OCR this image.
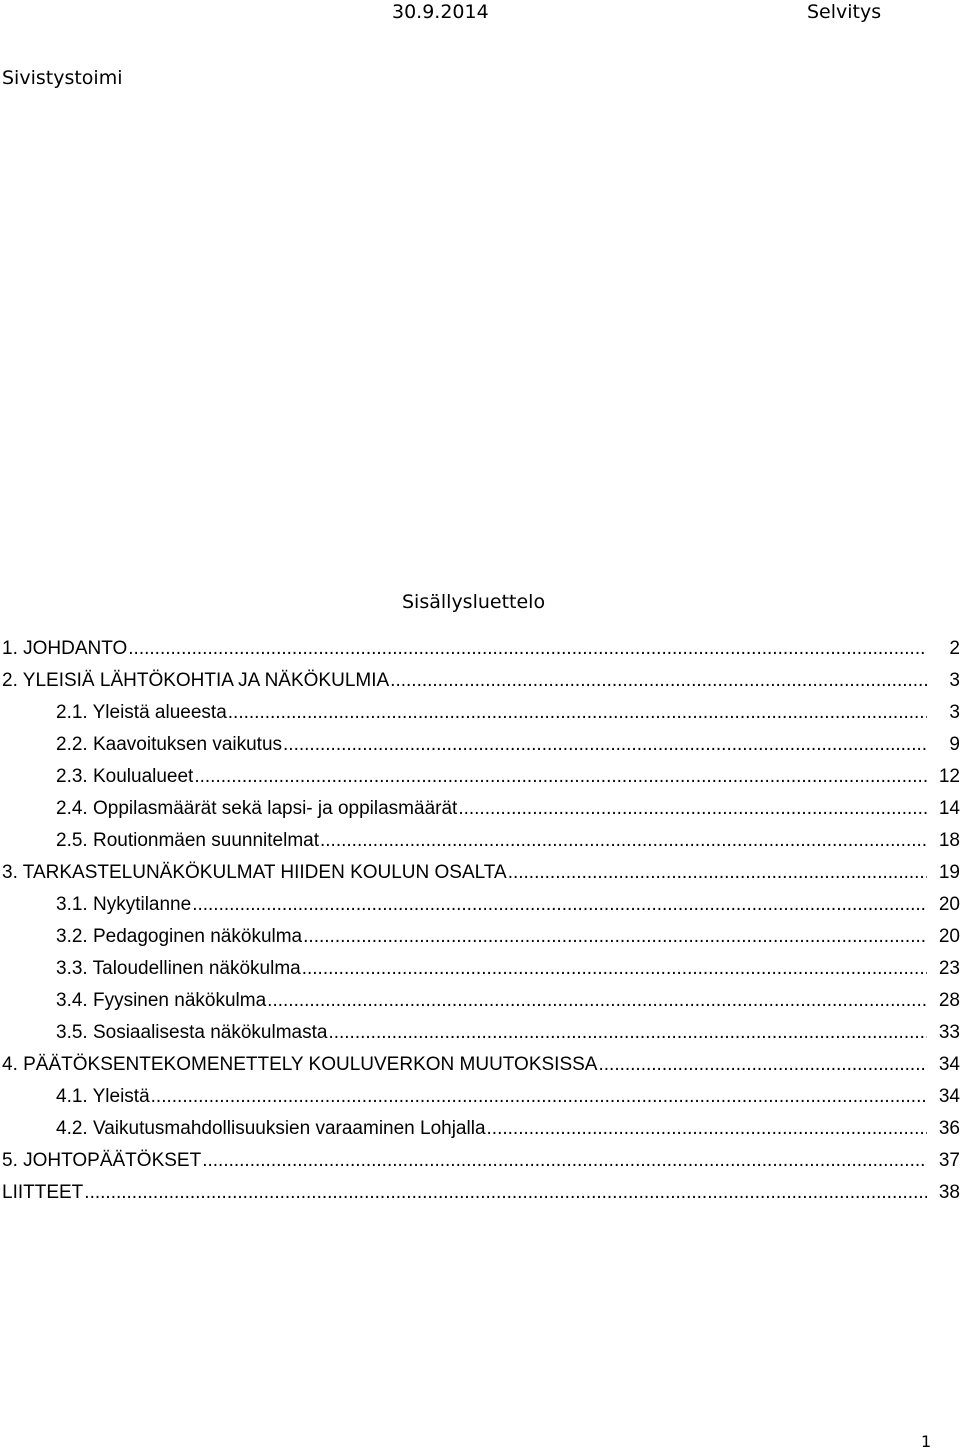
30.9.2014	Selvitys
Sivistystoimi
Sisällysluettelo
1. JOHDANTO .....	2
2. YLEISIÄ LÄHTÖKOHTIA JA NÄKÖKULMIA .....	3
2.1. Yleistä alueesta .....	3
2.2. Kaavoituksen vaikutus .....	9
2.3. Koulualueet .....	12
2.4. Oppilasmäärät sekä lapsi- ja oppilasmäärät .....	14
2.5. Routionmäen suunnitelmat .....	18
3. TARKASTELUNÄKÖKULMAT HIIDEN KOULUN OSALTA .....	19
3.1. Nykytilanne .....	20
3.2. Pedagoginen näkökulma .....	20
3.3. Taloudellinen näkökulma .....	23
3.4. Fyysinen näkökulma .....	28
3.5. Sosiaalisesta näkökulmasta .....	33
4. PÄÄTÖKSENTEKOMENETTELY KOULUVERKON MUUTOKSISSA .....	34
4.1. Yleistä .....	34
4.2. Vaikutusmahdollisuuksien varaaminen Lohjalla .....	36
5. JOHTOPÄÄTÖKSET .....	37
LIITTEET .....	38
1
